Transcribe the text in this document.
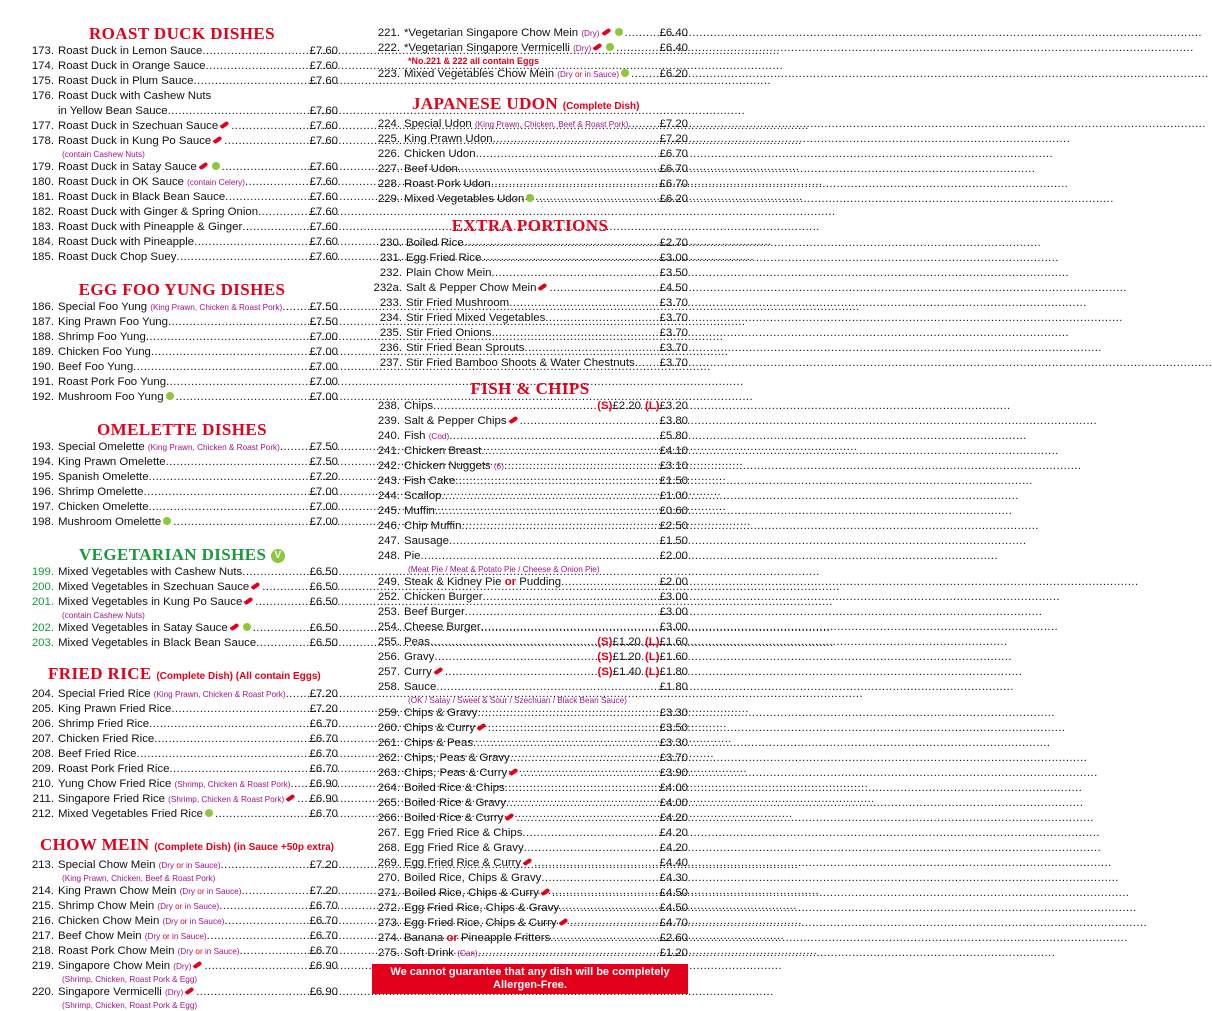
ROAST DUCK DISHES
173. Roast Duck in Lemon Sauce .....	£7.60
174. Roast Duck in Orange Sauce .....	£7.60
175. Roast Duck in Plum Sauce .....	£7.60
176. Roast Duck with Cashew Nuts
in Yellow Bean Sauce .....	£7.60
177. Roast Duck in Szechuan Sauce .....	£7.60
178. Roast Duck in Kung Po Sauce .....	£7.60
(contain Cashew Nuts)
179. Roast Duck in Satay Sauce .....	£7.60
180. Roast Duck in OK Sauce (contain Celery) .....	£7.60
181. Roast Duck in Black Bean Sauce .....	£7.60
182. Roast Duck with Ginger & Spring Onion .....	£7.60
183. Roast Duck with Pineapple & Ginger .....	£7.60
184. Roast Duck with Pineapple .....	£7.60
185. Roast Duck Chop Suey .....	£7.60
EGG FOO YUNG DISHES
186. Special Foo Yung (King Prawn, Chicken & Roast Pork) ..... £7.50
187. King Prawn Foo Yung .....	£7.50
188. Shrimp Foo Yung .....	£7.00
189. Chicken Foo Yung .....	£7.00
190. Beef Foo Yung .....	£7.00
191. Roast Pork Foo Yung .....	£7.00
192. Mushroom Foo Yung .....	£7.00
OMELETTE DISHES
193. Special Omelette (King Prawn, Chicken & Roast Pork) .....	£7.50
194. King Prawn Omelette .....	£7.50
195. Spanish Omelette .....	£7.20
196. Shrimp Omelette .....	£7.00
197. Chicken Omelette .....	£7.00
198. Mushroom Omelette .....	£7.00
VEGETARIAN DISHES V
199. Mixed Vegetables with Cashew Nuts .....	£6.50
200. Mixed Vegetables in Szechuan Sauce .....	£6.50
201. Mixed Vegetables in Kung Po Sauce .....	£6.50
(contain Cashew Nuts)
202. Mixed Vegetables in Satay Sauce .....	£6.50
203. Mixed Vegetables in Black Bean Sauce .....	£6.50
FRIED RICE (Complete Dish) (All contain Eggs)
204. Special Fried Rice (King Prawn, Chicken & Roast Pork) ..... £7.20
205. King Prawn Fried Rice .....	£7.20
206. Shrimp Fried Rice .....	£6.70
207. Chicken Fried Rice .....	£6.70
208. Beef Fried Rice .....	£6.70
209. Roast Pork Fried Rice .....	£6.70
210. Yung Chow Fried Rice (Shrimp, Chicken & Roast Pork) ..... £6.90
211. Singapore Fried Rice (Shrimp, Chicken & Roast Pork) .....	£6.90
212. Mixed Vegetables Fried Rice .....	£6.70
CHOW MEIN (Complete Dish) (in Sauce +50p extra)
213. Special Chow Mein (Dry or in Sauce) .....	£7.20
(King Prawn, Chicken, Beef & Roast Pork)
214. King Prawn Chow Mein (Dry or in Sauce) .....	£7.20
215. Shrimp Chow Mein (Dry or in Sauce) .....	£6.70
216. Chicken Chow Mein (Dry or in Sauce) .....	£6.70
217. Beef Chow Mein (Dry or in Sauce) .....	£6.70
218. Roast Pork Chow Mein (Dry or in Sauce) .....	£6.70
219. Singapore Chow Mein (Dry) .....	£6.90
(Shrimp, Chicken, Roast Pork & Egg)
220. Singapore Vermicelli (Dry) .....	£6.90
(Shrimp, Chicken, Roast Pork & Egg)
221. *Vegetarian Singapore Chow Mein (Dry) .....	£6.40
222. *Vegetarian Singapore Vermicelli (Dry) .....	£6.40
*No.221 & 222 all contain Eggs
223. Mixed Vegetables Chow Mein (Dry or in Sauce) .....	£6.20
JAPANESE UDON (Complete Dish)
224. Special Udon (King Prawn, Chicken, Beef & Roast Pork) .....	£7.20
225. King Prawn Udon .....	£7.20
226. Chicken Udon .....	£6.70
227. Beef Udon .....	£6.70
228. Roast Pork Udon .....	£6.70
229. Mixed Vegetables Udon .....	£6.20
EXTRA PORTIONS
230. Boiled Rice .....	£2.70
231. Egg Fried Rice .....	£3.00
232. Plain Chow Mein .....	£3.50
232a. Salt & Pepper Chow Mein .....	£4.50
233. Stir Fried Mushroom .....	£3.70
234. Stir Fried Mixed Vegetables .....	£3.70
235. Stir Fried Onions .....	£3.70
236. Stir Fried Bean Sprouts .....	£3.70
237. Stir Fried Bamboo Shoots & Water Chestnuts ..... £3.70
FISH & CHIPS
238. Chips .....	(S) £2.20 (L) £3.20
239. Salt & Pepper Chips .....	£3.80
240. Fish (Cod) .....	£5.80
241. Chicken Breast .....	£4.10
242. Chicken Nuggets (6) .....	£3.10
243. Fish Cake .....	£1.50
244. Scallop .....	£1.00
245. Muffin .....	£0.60
246. Chip Muffin .....	£2.50
247. Sausage .....	£1.50
248. Pie .....	£2.00
(Meat Pie / Meat & Potato Pie / Cheese & Onion Pie)
249. Steak & Kidney Pie or Pudding .....	£2.00
252. Chicken Burger .....	£3.00
253. Beef Burger .....	£3.00
254. Cheese Burger .....	£3.00
255. Peas .....	(S) £1.20 (L) £1.60
256. Gravy .....	(S) £1.20 (L) £1.60
257. Curry .....	(S) £1.40 (L) £1.80
258. Sauce .....	£1.80
(OK / Satay / Sweet & Sour / Szechuan / Black Bean Sauce)
259. Chips & Gravy .....	£3.30
260. Chips & Curry .....	£3.50
261. Chips & Peas .....	£3.30
262. Chips, Peas & Gravy .....	£3.70
263. Chips, Peas & Curry .....	£3.90
264. Boiled Rice & Chips .....	£4.00
265. Boiled Rice & Gravy .....	£4.00
266. Boiled Rice & Curry .....	£4.20
267. Egg Fried Rice & Chips .....	£4.20
268. Egg Fried Rice & Gravy .....	£4.20
269. Egg Fried Rice & Curry .....	£4.40
270. Boiled Rice, Chips & Gravy .....	£4.30
271. Boiled Rice, Chips & Curry .....	£4.50
272. Egg Fried Rice, Chips & Gravy .....	£4.50
273. Egg Fried Rice, Chips & Curry .....	£4.70
274. Banana or Pineapple Fritters .....	£2.60
275. Soft Drink (Can) .....	£1.20
We cannot guarantee that any dish will be completely Allergen-Free.
